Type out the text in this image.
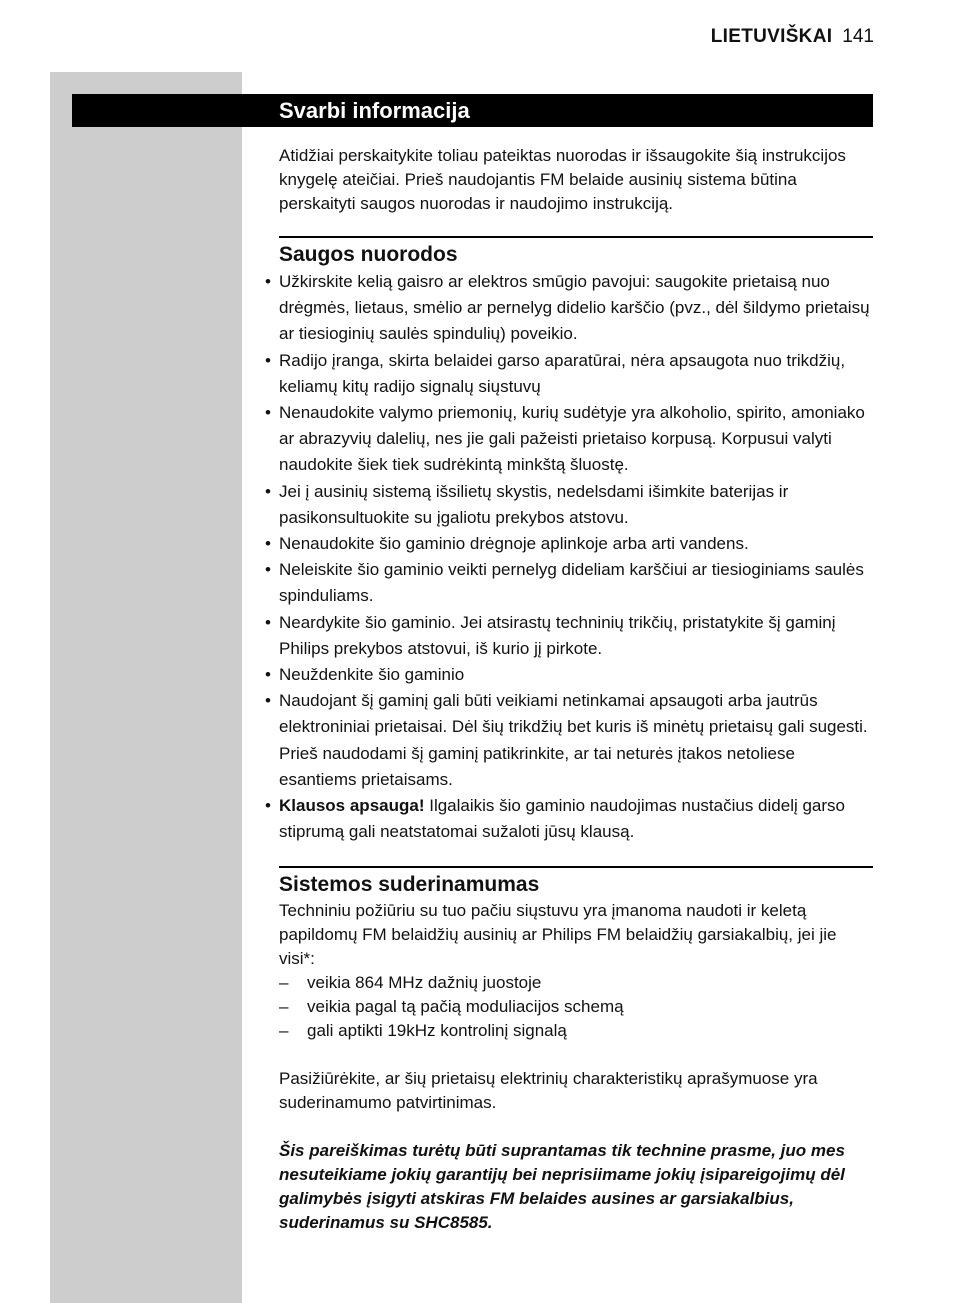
LIETUVIŠKAI 141
Svarbi informacija

Atidžiai perskaitykite toliau pateiktas nuorodas ir išsaugokite šią instrukcijos knygelę ateičiai. Prieš naudojantis FM belaide ausinių sistema būtina perskaityti saugos nuorodas ir naudojimo instrukciją.

Saugos nuorodos
• Užkirskite kelią gaisro ar elektros smūgio pavojui: saugokite prietaisą nuo drėgmės, lietaus, smėlio ar pernelyg didelio karščio (pvz., dėl šildymo prietaisų ar tiesioginių saulės spindulių) poveikio.
• Radijo įranga, skirta belaidei garso aparatūrai, nėra apsaugota nuo trikdžių, keliamų kitų radijo signalų siųstuvų
• Nenaudokite valymo priemonių, kurių sudėtyje yra alkoholio, spirito, amoniako ar abrazyvių dalelių, nes jie gali pažeisti prietaiso korpusą. Korpusui valyti naudokite šiek tiek sudrėkintą minkštą šluostę.
• Jei į ausinių sistemą išsilietų skystis, nedelsdami išimkite baterijas ir pasikonsultuokite su įgaliotu prekybos atstovu.
• Nenaudokite šio gaminio drėgnoje aplinkoje arba arti vandens.
• Neleiskite šio gaminio veikti pernelyg dideliam karščiui ar tiesioginiams saulės spinduliams.
• Neardykite šio gaminio. Jei atsirastų techninių trikčių, pristatykite šį gaminį Philips prekybos atstovui, iš kurio jį pirkote.
• Neuždenkite šio gaminio
• Naudojant šį gaminį gali būti veikiami netinkamai apsaugoti arba jautrūs elektroniniai prietaisai. Dėl šių trikdžių bet kuris iš minėtų prietaisų gali sugesti. Prieš naudodami šį gaminį patikrinkite, ar tai neturės įtakos netoliese esantiems prietaisams.
• Klausos apsauga! Ilgalaikis šio gaminio naudojimas nustačius didelį garso stiprumą gali neatstatomai sužaloti jūsų klausą.
Sistemos suderinamumas

Techniniu požiūriu su tuo pačiu siųstuvu yra įmanoma naudoti ir keletą papildomų FM belaidžių ausinių ar Philips FM belaidžių garsiakalbių, jei jie visi*:

– veikia 864 MHz dažnių juostoje
– veikia pagal tą pačią moduliacijos schemą
– gali aptikti 19kHz kontrolinį signalą

Pasižiūrėkite, ar šių prietaisų elektrinių charakteristikų aprašymuose yra suderinamumo patvirtinimas.

Šis pareiškimas turėtų būti suprantamas tik technine prasme, juo mes nesuteikiame jokių garantijų bei neprisiimame jokių įsipareigojimų dėl galimybės įsigyti atskiras FM belaides ausines ar garsiakalbius, suderinamus su SHC8585.
